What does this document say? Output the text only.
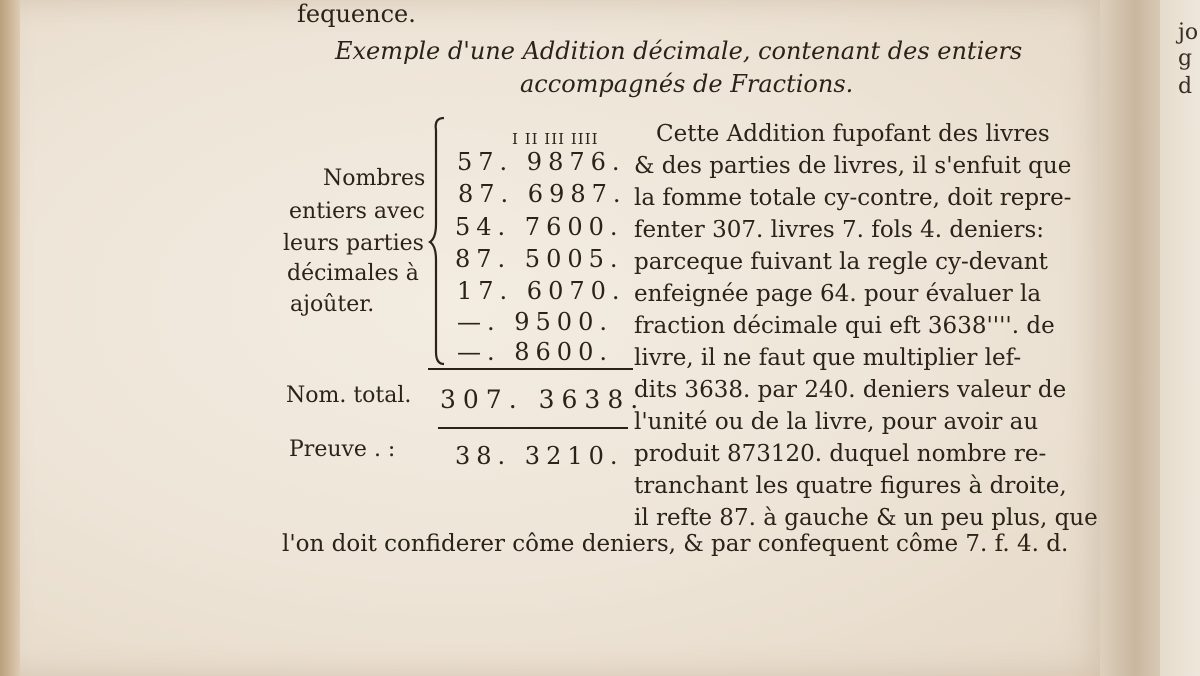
jo
g
d
fequence.
Exemple d'une Addition décimale, contenant des entiers
accompagnés de Fractions.
Nombres
entiers avec
leurs parties
décimales à
ajoûter.
I II III IIII
57. 9876.
87. 6987.
54. 7600.
87. 5005.
17. 6070.
—. 9500.
—. 8600.
Nom. total. 307. 3638.
Preuve . : 38. 3210.
Cette Addition fupofant des livres
& des parties de livres, il s'enfuit que
la fomme totale cy-contre, doit repre-
fenter 307. livres 7. fols 4. deniers:
parceque fuivant la regle cy-devant
enfeignée page 64. pour évaluer la
fraction décimale qui eft 3638''''. de
livre, il ne faut que multiplier lef-
dits 3638. par 240. deniers valeur de
l'unité ou de la livre, pour avoir au
produit 873120. duquel nombre re-
tranchant les quatre figures à droite,
il refte 87. à gauche & un peu plus, que
l'on doit confiderer côme deniers, & par confequent côme 7. f. 4. d.
